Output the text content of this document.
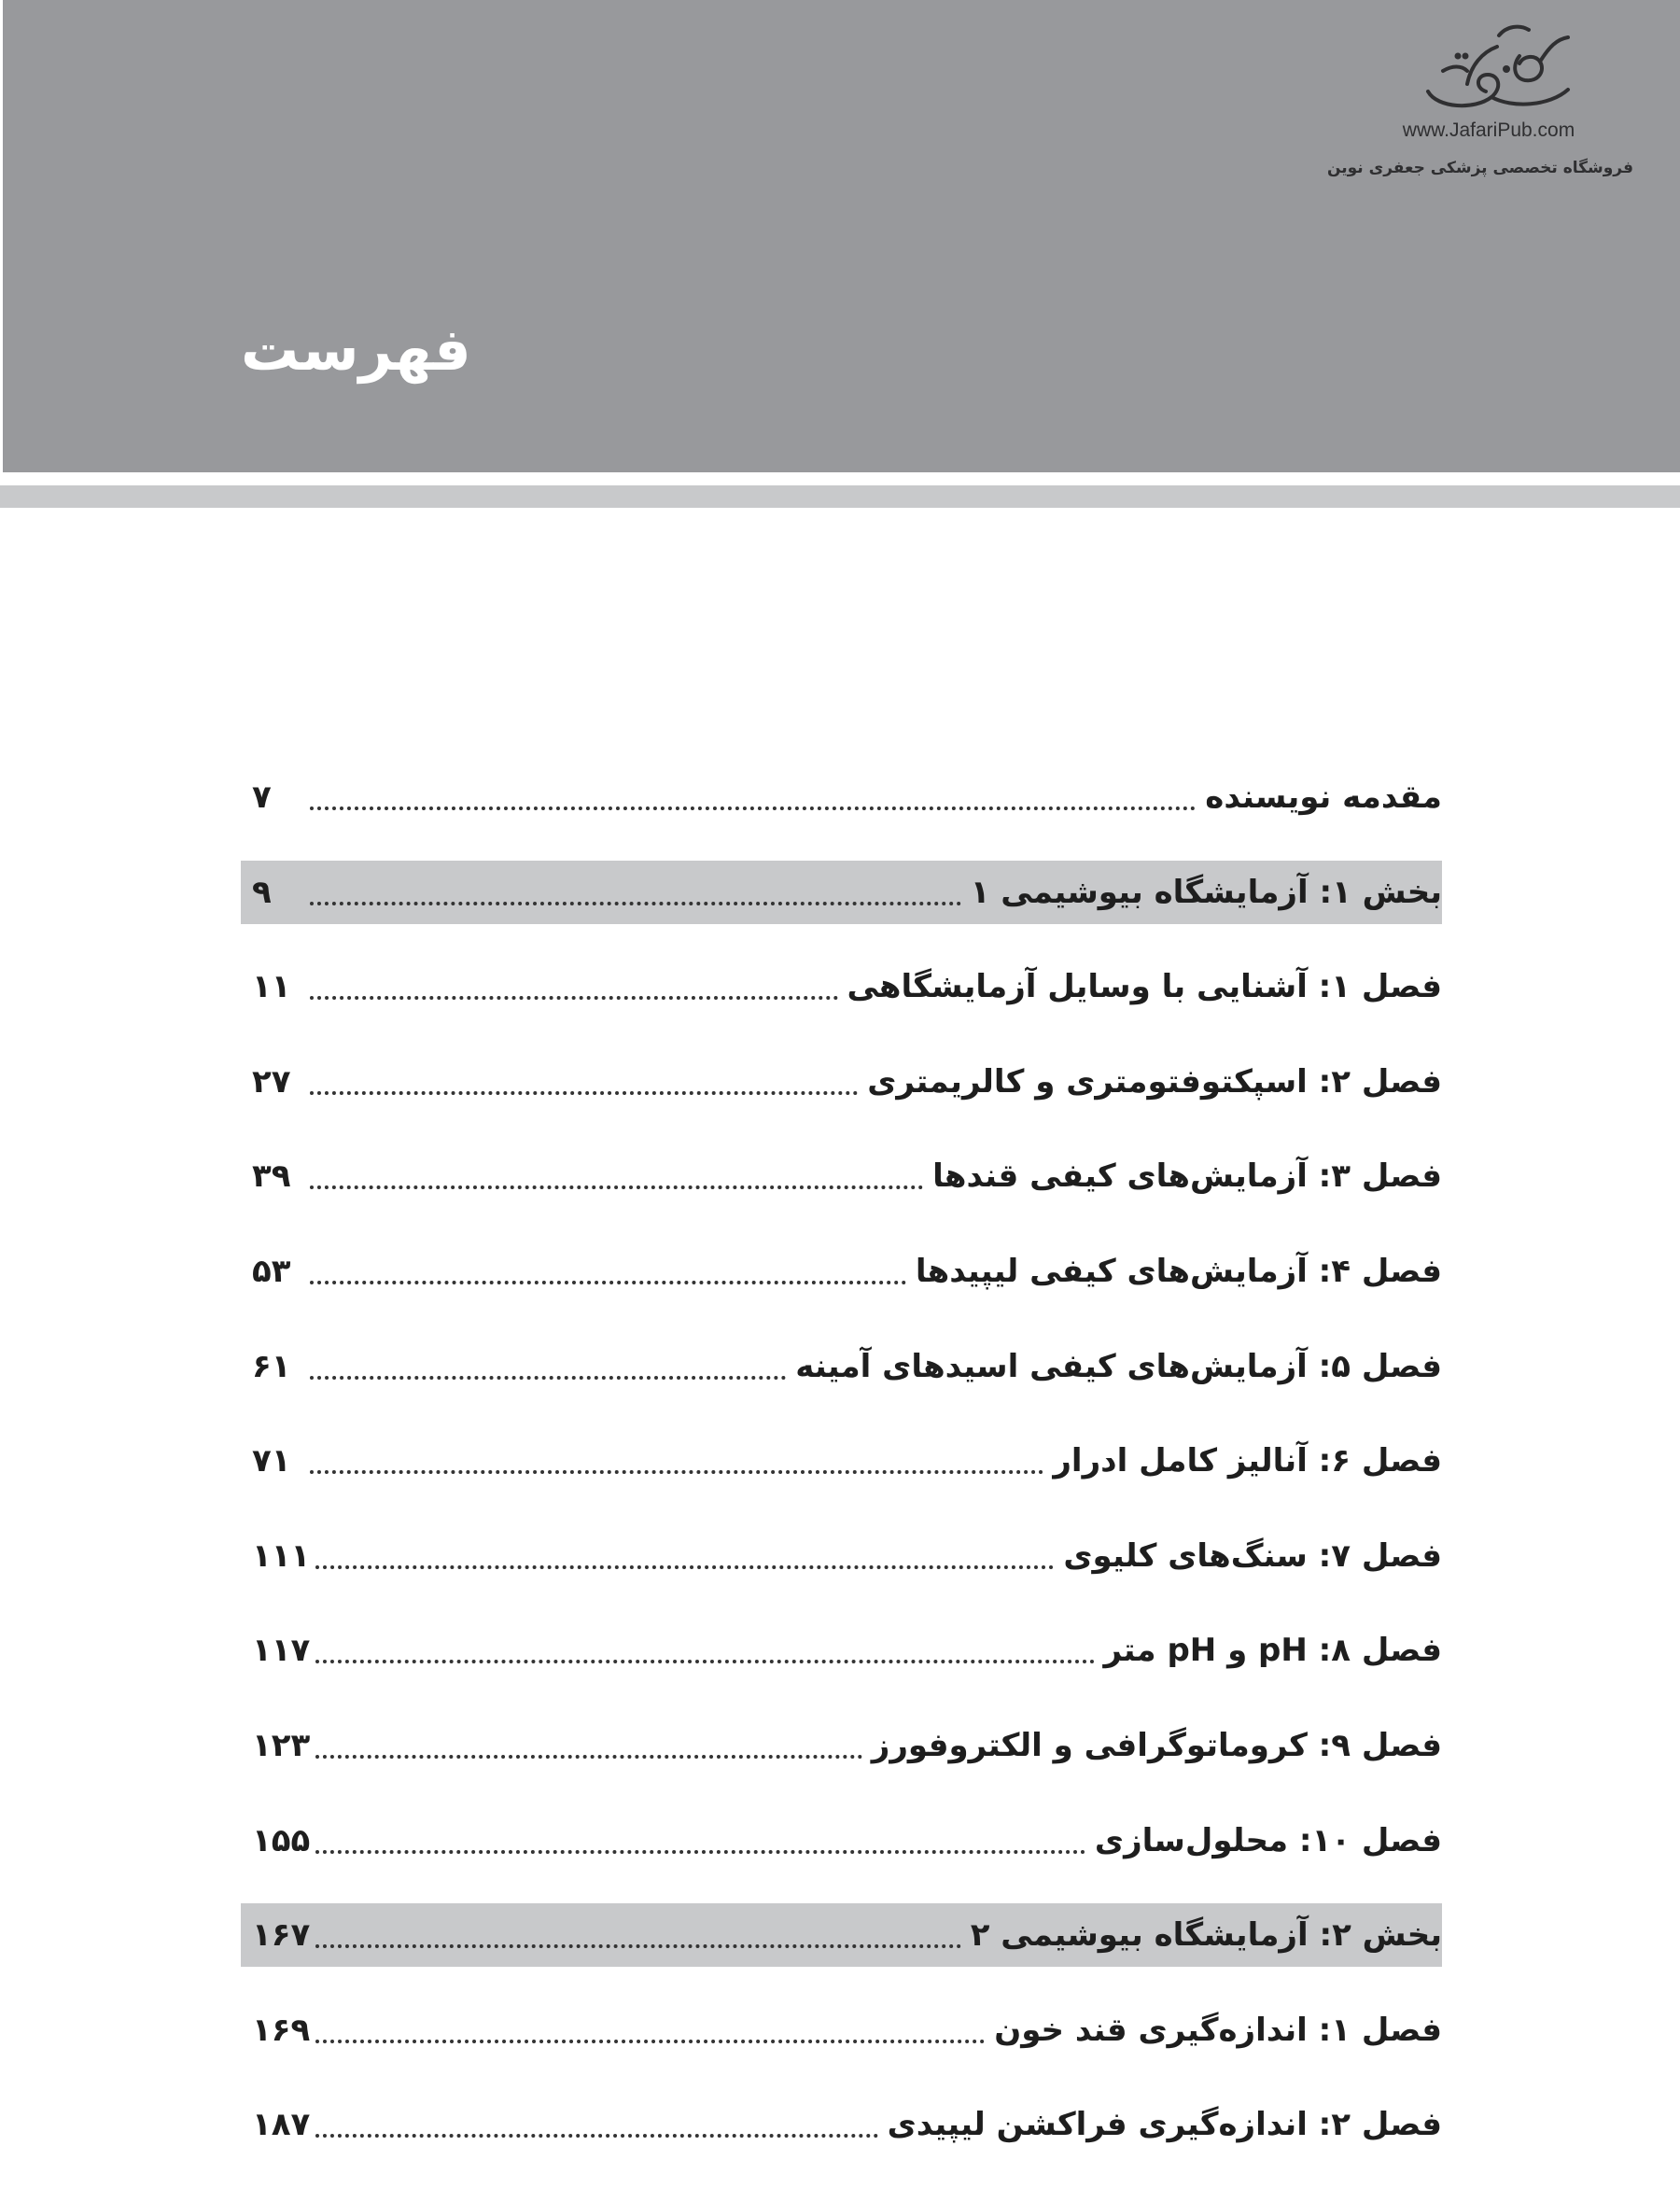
فهرست
www.JafariPub.com
فروشگاه تخصصی پزشکی جعفری نوین
مقدمه نویسنده
۷
بخش ۱: آزمایشگاه بیوشیمی ۱
۹
فصل ۱: آشنایی با وسایل آزمایشگاهی
۱۱
فصل ۲: اسپکتوفتومتری و کالریمتری
۲۷
فصل ۳: آزمایش‌های کیفی قندها
۳۹
فصل ۴: آزمایش‌های کیفی لیپیدها
۵۳
فصل ۵: آزمایش‌های کیفی اسیدهای آمینه
۶۱
فصل ۶: آنالیز کامل ادرار
۷۱
فصل ۷: سنگ‌های کلیوی
۱۱۱
فصل ۸: pH و pH متر
۱۱۷
فصل ۹: کروماتوگرافی و الکتروفورز
۱۲۳
فصل ۱۰: محلول‌سازی
۱۵۵
بخش ۲: آزمایشگاه بیوشیمی ۲
۱۶۷
فصل ۱: اندازه‌گیری قند خون
۱۶۹
فصل ۲: اندازه‌گیری فراکشن لیپیدی
۱۸۷
